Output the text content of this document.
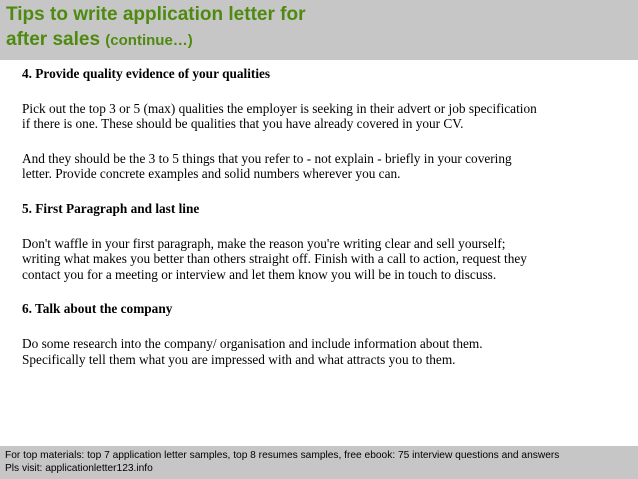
Tips to write application letter for
after sales (continue…)

4. Provide quality evidence of your qualities

Pick out the top 3 or 5 (max) qualities the employer is seeking in their advert or job specification
if there is one. These should be qualities that you have already covered in your CV.

And they should be the 3 to 5 things that you refer to - not explain - briefly in your covering
letter. Provide concrete examples and solid numbers wherever you can.

5. First Paragraph and last line

Don't waffle in your first paragraph, make the reason you're writing clear and sell yourself;
writing what makes you better than others straight off. Finish with a call to action, request they
contact you for a meeting or interview and let them know you will be in touch to discuss.

6. Talk about the company

Do some research into the company/ organisation and include information about them.
Specifically tell them what you are impressed with and what attracts you to them.

For top materials: top 7 application letter samples, top 8 resumes samples, free ebook: 75 interview questions and answers
Pls visit: applicationletter123.info
